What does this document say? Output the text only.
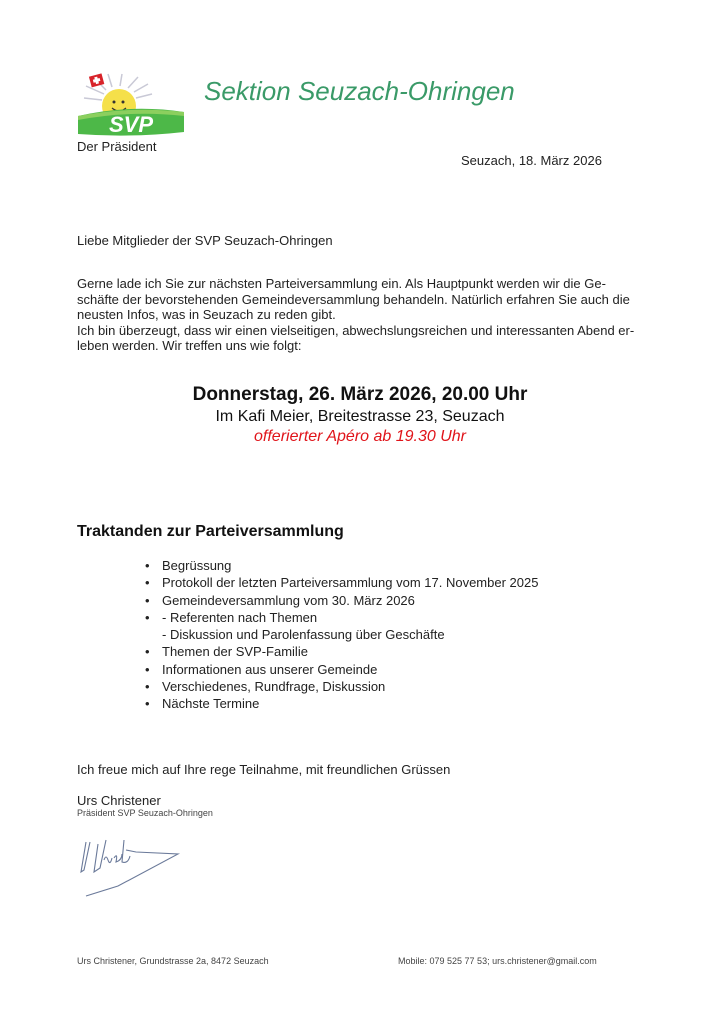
SVP
Sektion Seuzach-Ohringen
Der Präsident
Seuzach, 18. März 2026
Liebe Mitglieder der SVP Seuzach-Ohringen

Gerne lade ich Sie zur nächsten Parteiversammlung ein. Als Hauptpunkt werden wir die Ge-schäfte der bevorstehenden Gemeindeversammlung behandeln. Natürlich erfahren Sie auch die neusten Infos, was in Seuzach zu reden gibt.

Ich bin überzeugt, dass wir einen vielseitigen, abwechslungsreichen und interessanten Abend er-leben werden. Wir treffen uns wie folgt:

Donnerstag, 26. März 2026, 20.00 Uhr
Im Kafi Meier, Breitestrasse 23, Seuzach
offerierter Apéro ab 19.30 Uhr
Traktanden zur Parteiversammlung
• Begrüssung
• Protokoll der letzten Parteiversammlung vom 17. November 2025
• Gemeindeversammlung vom 30. März 2026
• - Referenten nach Themen
- Diskussion und Parolenfassung über Geschäfte
• Themen der SVP-Familie
• Informationen aus unserer Gemeinde
• Verschiedenes, Rundfrage, Diskussion
• Nächste Termine
Ich freue mich auf Ihre rege Teilnahme, mit freundlichen Grüssen
Urs Christener
Präsident SVP Seuzach-Ohringen
Urs Christener, Grundstrasse 2a, 8472 Seuzach	Mobile: 079 525 77 53; urs.christener@gmail.com
